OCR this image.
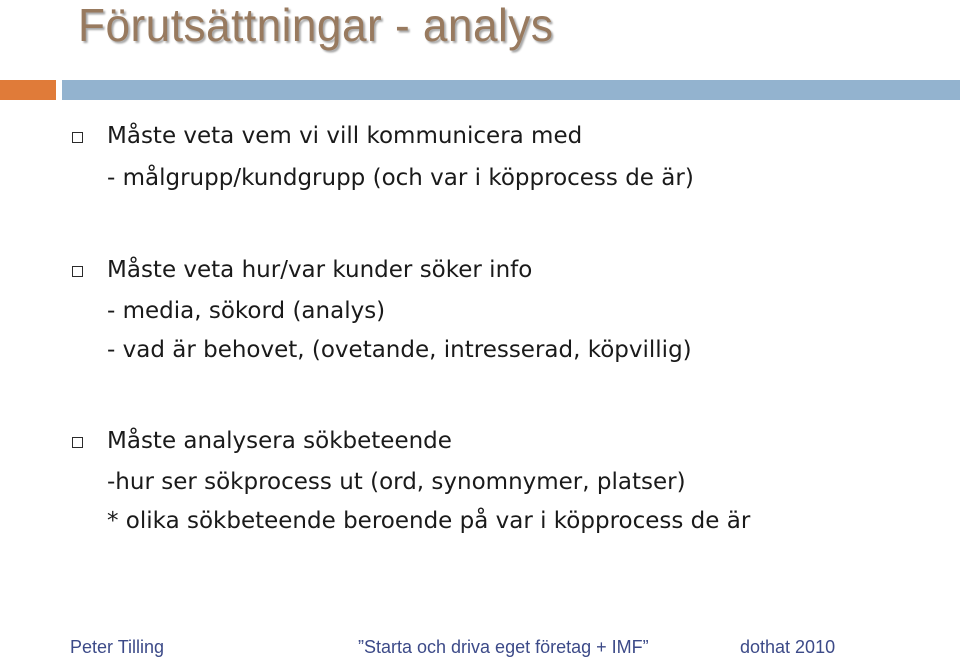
Förutsättningar - analys

Måste veta vem vi vill kommunicera med

- målgrupp/kundgrupp (och var i köpprocess de är)

Måste veta hur/var kunder söker info

- media, sökord (analys)

- vad är behovet, (ovetande, intresserad, köpvillig)

Måste analysera sökbeteende

-hur ser sökprocess ut (ord, synomnymer, platser)

* olika sökbeteende beroende på var i köpprocess de är

Peter Tilling	”Starta och driva eget företag + IMF”	dothat 2010
